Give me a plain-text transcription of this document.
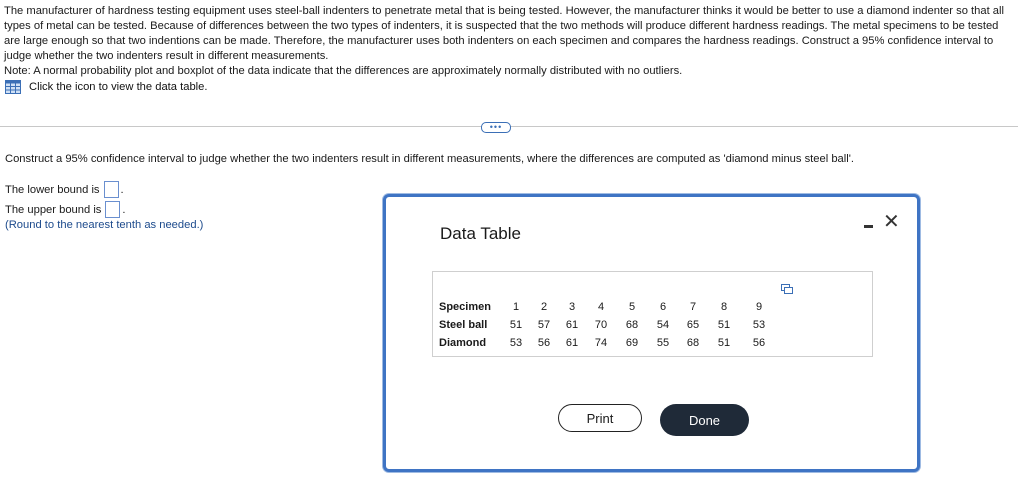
The manufacturer of hardness testing equipment uses steel-ball indenters to penetrate metal that is being tested. However, the manufacturer thinks it would be better to use a diamond indenter so that all types of metal can be tested. Because of differences between the two types of indenters, it is suspected that the two methods will produce different hardness readings. The metal specimens to be tested are large enough so that two indentions can be made. Therefore, the manufacturer uses both indenters on each specimen and compares the hardness readings. Construct a 95% confidence interval to judge whether the two indenters result in different measurements.

Note: A normal probability plot and boxplot of the data indicate that the differences are approximately normally distributed with no outliers.

Click the icon to view the data table.
•••
Construct a 95% confidence interval to judge whether the two indenters result in different measurements, where the differences are computed as 'diamond minus steel ball'.
The lower bound is .
The upper bound is .
(Round to the nearest tenth as needed.)	Data Table
✕
Specimen	1	2	3	4	5	6	7	8	9
Steel ball	51	57	61	70	68	54	65	51	53
Diamond	53	56	61	74	69	55	68	51	56
Print	Done
